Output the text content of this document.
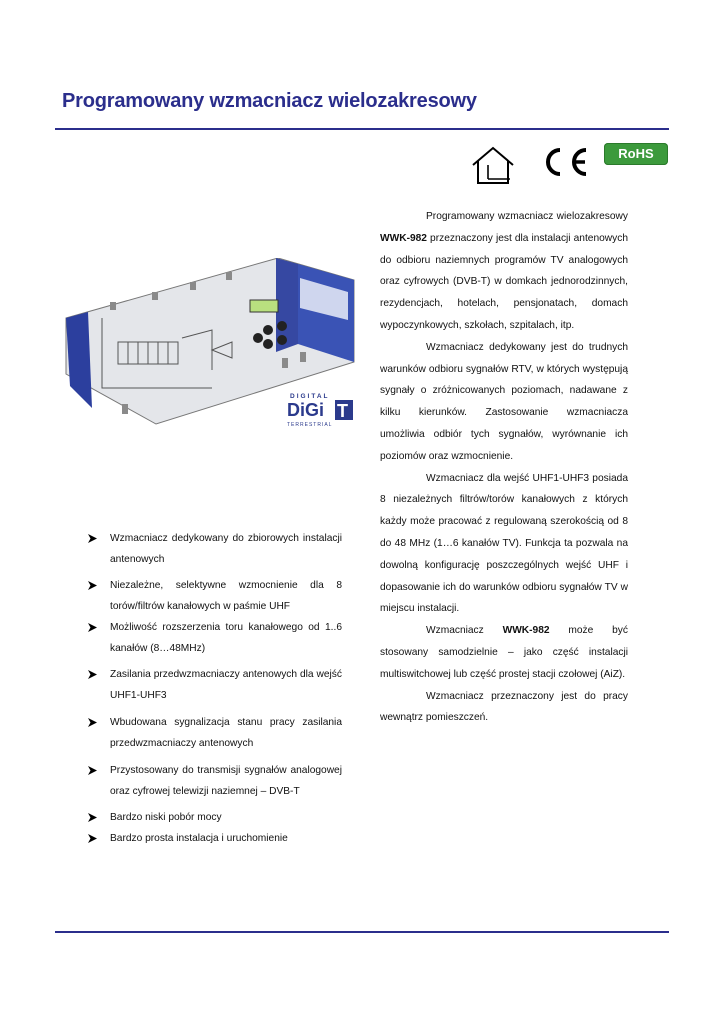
Programowany wzmacniacz wielozakresowy
RoHS
DIGITAL
DiGi T
TERRESTRIAL

Programowany wzmacniacz wielozakresowy WWK-982 przeznaczony jest dla instalacji antenowych do odbioru naziemnych programów TV analogowych oraz cyfrowych (DVB-T) w domkach jednorodzinnych, rezydencjach, hotelach, pensjonatach, domach wypoczynkowych, szkołach, szpitalach, itp.

Wzmacniacz dedykowany jest do trudnych warunków odbioru sygnałów RTV, w których występują sygnały o zróżnicowanych poziomach, nadawane z kilku kierunków. Zastosowanie wzmacniacza umożliwia odbiór tych sygnałów, wyrównanie ich poziomów oraz wzmocnienie.

Wzmacniacz dla wejść UHF1-UHF3 posiada 8 niezależnych filtrów/torów kanałowych z których każdy może pracować z regulowaną szerokością od 8 do 48 MHz (1…6 kanałów TV). Funkcja ta pozwala na dowolną konfigurację poszczególnych wejść UHF i dopasowanie ich do warunków odbioru sygnałów TV w miejscu instalacji.

Wzmacniacz WWK-982 może być stosowany samodzielnie – jako część instalacji multiswitchowej lub część prostej stacji czołowej (AiZ).

Wzmacniacz przeznaczony jest do pracy wewnątrz pomieszczeń.

Wzmacniacz dedykowany do zbiorowych instalacji antenowych
Niezależne, selektywne wzmocnienie dla 8 torów/filtrów kanałowych w paśmie UHF
Możliwość rozszerzenia toru kanałowego od 1..6 kanałów (8…48MHz)
Zasilania przedwzmacniaczy antenowych dla wejść UHF1-UHF3
Wbudowana sygnalizacja stanu pracy zasilania przedwzmacniaczy antenowych
Przystosowany do transmisji sygnałów analogowej oraz cyfrowej telewizji naziemnej – DVB-T
Bardzo niski pobór mocy
Bardzo prosta instalacja i uruchomienie
